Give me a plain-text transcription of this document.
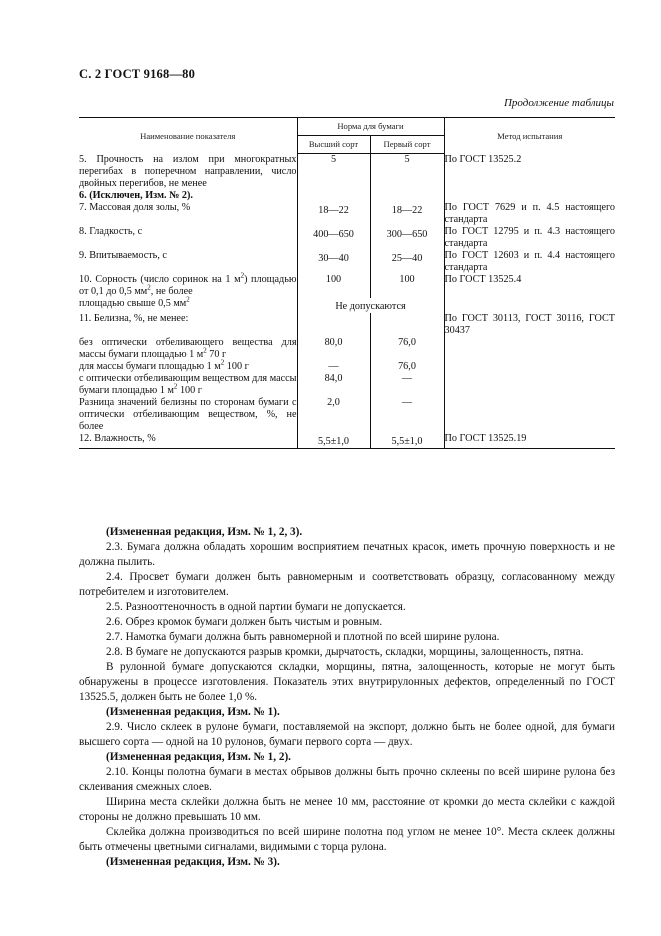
С. 2 ГОСТ 9168—80
Продолжение таблицы
Наименование показателя	Норма для бумаги		Метод испытания
	Высший сорт	Первый сорт	
5. Прочность на излом при многократных перегибах в поперечном направлении, число двойных перегибов, не менее	5	5	По ГОСТ 13525.2
6. (Исключен, Изм. № 2).			
7. Массовая доля золы, %	18—22	18—22	По ГОСТ 7629 и п. 4.5 настоящего стандарта
8. Гладкость, с	400—650	300—650	По ГОСТ 12795 и п. 4.3 настоящего стандарта
9. Впитываемость, с	30—40	25—40	По ГОСТ 12603 и п. 4.4 настоящего стандарта
10. Сорность (число соринок на 1 $м^2$) площадью от 0,1 до 0,5 $мм^2$, не более	100	100	По ГОСТ 13525.4
площадью свыше 0,5 $мм^2$	Не допускаются		
11. Белизна, %, не менее:			По ГОСТ 30113, ГОСТ 30116, ГОСТ 30437
без оптически отбеливающего вещества для массы бумаги площадью 1 $м^2$ 70 г	80,0	76,0	
для массы бумаги площадью 1 $м^2$ 100 г	—	76,0	
с оптически отбеливающим веществом для массы бумаги площадью 1 $м^2$ 100 г	84,0	—	
Разница значений белизны по сторонам бумаги с оптически отбеливающим веществом, %, не более	2,0	—	
12. Влажность, %	5,5±1,0	5,5±1,0	По ГОСТ 13525.19

(Измененная редакция, Изм. № 1, 2, 3).

2.3. Бумага должна обладать хорошим восприятием печатных красок, иметь прочную поверхность и не должна пылить.

2.4. Просвет бумаги должен быть равномерным и соответствовать образцу, согласованному между потребителем и изготовителем.

2.5. Разнооттеночность в одной партии бумаги не допускается.

2.6. Обрез кромок бумаги должен быть чистым и ровным.

2.7. Намотка бумаги должна быть равномерной и плотной по всей ширине рулона.

2.8. В бумаге не допускаются разрыв кромки, дырчатость, складки, морщины, залощенность, пятна.

В рулонной бумаге допускаются складки, морщины, пятна, залощенность, которые не могут быть обнаружены в процессе изготовления. Показатель этих внутрирулонных дефектов, определенный по ГОСТ 13525.5, должен быть не более 1,0 %.

(Измененная редакция, Изм. № 1).

2.9. Число склеек в рулоне бумаги, поставляемой на экспорт, должно быть не более одной, для бумаги высшего сорта — одной на 10 рулонов, бумаги первого сорта — двух.

(Измененная редакция, Изм. № 1, 2).

2.10. Концы полотна бумаги в местах обрывов должны быть прочно склеены по всей ширине рулона без склеивания смежных слоев.

Ширина места склейки должна быть не менее 10 мм, расстояние от кромки до места склейки с каждой стороны не должно превышать 10 мм.

Склейка должна производиться по всей ширине полотна под углом не менее 10°. Места склеек должны быть отмечены цветными сигналами, видимыми с торца рулона.

(Измененная редакция, Изм. № 3).
